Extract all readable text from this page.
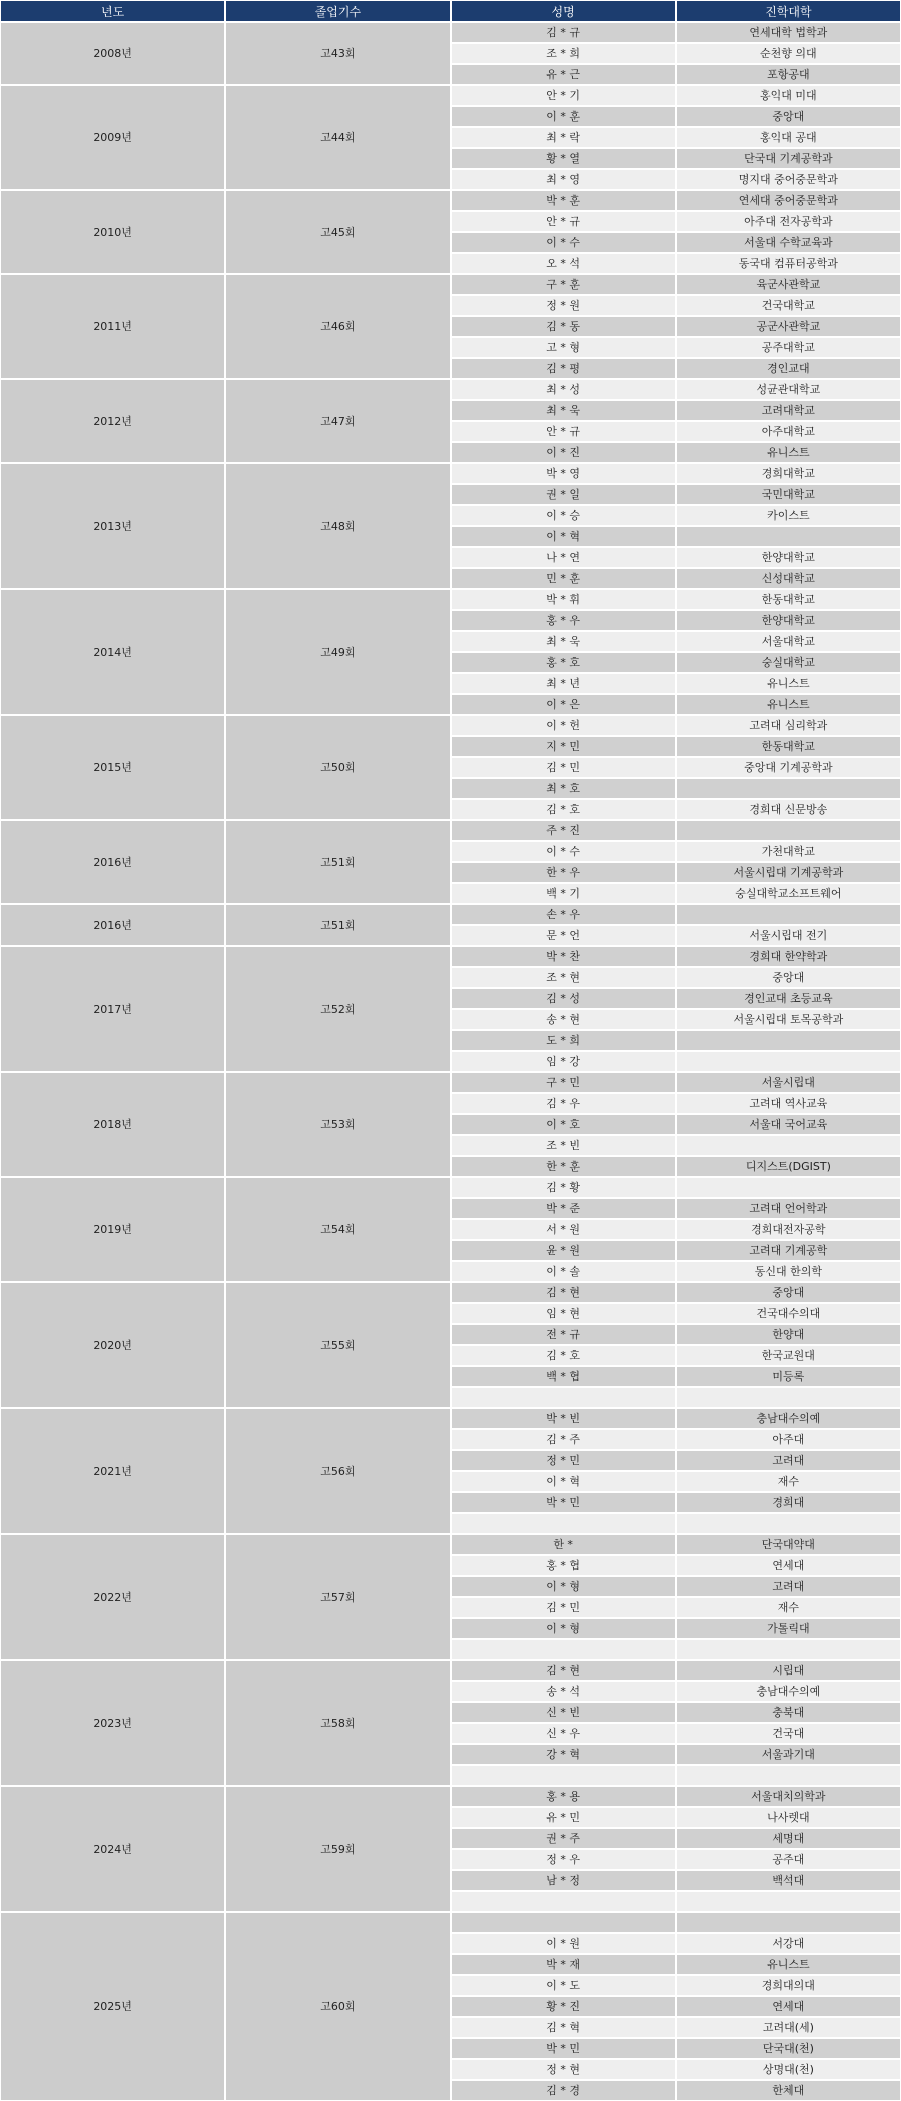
년도	졸업기수	성명	진학대학
2008년	고43회	김 * 규	연세대학 법학과
		조 * 희	순천향 의대
		유 * 근	포항공대
2009년	고44회	안 * 기	홍익대 미대
		이 * 훈	중앙대
		최 * 락	홍익대 공대
		황 * 열	단국대 기계공학과
		최 * 영	명지대 중어중문학과
2010년	고45회	박 * 훈	연세대 중어중문학과
		안 * 규	아주대 전자공학과
		이 * 수	서울대 수학교육과
		오 * 석	동국대 컴퓨터공학과
2011년	고46회	구 * 훈	육군사관학교
		정 * 원	건국대학교
		김 * 동	공군사관학교
		고 * 형	공주대학교
		김 * 평	경인교대
2012년	고47회	최 * 성	성균관대학교
		최 * 욱	고려대학교
		안 * 규	아주대학교
		이 * 진	유니스트
2013년	고48회	박 * 영	경희대학교
		권 * 일	국민대학교
		이 * 승	카이스트
		이 * 혁	
		나 * 연	한양대학교
		민 * 훈	신성대학교
2014년	고49회	박 * 휘	한동대학교
		홍 * 우	한양대학교
		최 * 욱	서울대학교
		홍 * 호	숭실대학교
		최 * 년	유니스트
		이 * 은	유니스트
2015년	고50회	이 * 헌	고려대 심리학과
		지 * 민	한동대학교
		김 * 민	중앙대 기계공학과
		최 * 호	
		김 * 호	경희대 신문방송
2016년	고51회	주 * 진	
		이 * 수	가천대학교
		한 * 우	서울시립대 기계공학과
		백 * 기	숭실대학교소프트웨어
2016년	고51회	손 * 우	
		문 * 언	서울시립대 전기
2017년	고52회	박 * 찬	경희대 한약학과
		조 * 현	중앙대
		김 * 성	경인교대 초등교육
		송 * 현	서울시립대 토목공학과
		도 * 희	
		임 * 강	
2018년	고53회	구 * 민	서울시립대
		김 * 우	고려대 역사교육
		이 * 호	서울대 국어교육
		조 * 빈	
		한 * 훈	디지스트(DGIST)
2019년	고54회	김 * 황	
		박 * 준	고려대 언어학과
		서 * 원	경희대전자공학
		윤 * 원	고려대 기계공학
		이 * 솔	동신대 한의학
2020년	고55회	김 * 현	중앙대
		임 * 현	건국대수의대
		전 * 규	한양대
		김 * 호	한국교원대
		백 * 협	미등록

2021년	고56회	박 * 빈	충남대수의예
		김 * 주	아주대
		정 * 민	고려대
		이 * 혁	재수
		박 * 민	경희대

2022년	고57회	한 *	단국대약대
		홍 * 협	연세대
		이 * 형	고려대
		김 * 민	재수
		이 * 형	가톨릭대

2023년	고58회	김 * 현	시립대
		송 * 석	충남대수의예
		신 * 빈	충북대
		신 * 우	건국대
		강 * 혁	서울과기대

2024년	고59회	홍 * 용	서울대치의학과
		유 * 민	나사렛대
		권 * 주	세명대
		정 * 우	공주대
		남 * 정	백석대

2025년	고60회		
		이 * 원	서강대
		박 * 재	유니스트
		이 * 도	경희대의대
		황 * 진	연세대
		김 * 혁	고려대(세)
		박 * 민	단국대(천)
		정 * 현	상명대(천)
		김 * 경	한체대
